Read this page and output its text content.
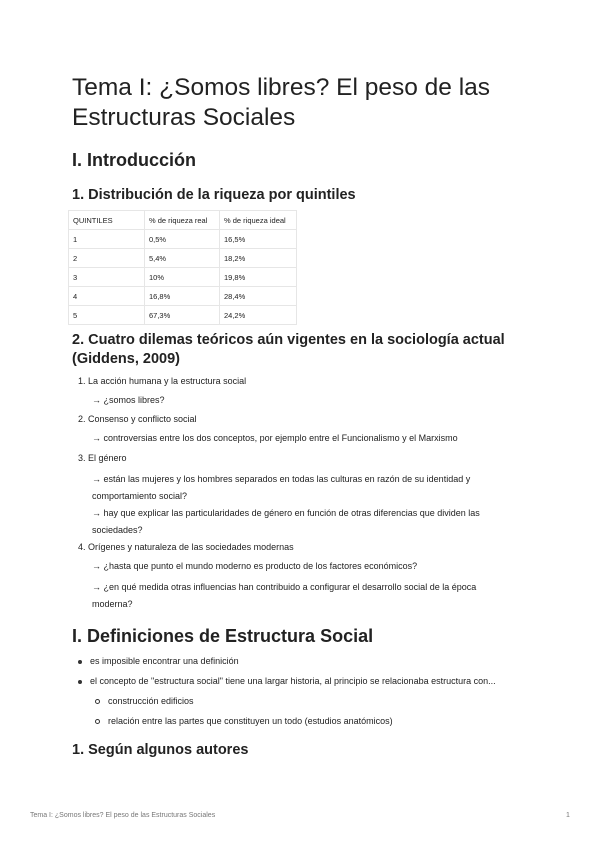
Tema I: ¿Somos libres? El peso de las Estructuras Sociales
I. Introducción
1. Distribución de la riqueza por quintiles
QUINTILES	% de riqueza real	% de riqueza ideal
1	0,5%	16,5%
2	5,4%	18,2%
3	10%	19,8%
4	16,8%	28,4%
5	67,3%	24,2%
2. Cuatro dilemas teóricos aún vigentes en la sociología actual (Giddens, 2009)
1. La acción humana y la estructura social
→ ¿somos libres?
2. Consenso y conflicto social
→ controversias entre los dos conceptos, por ejemplo entre el Funcionalismo y el Marxismo
3. El género
→ están las mujeres y los hombres separados en todas las culturas en razón de su identidad y comportamiento social?
→ hay que explicar las particularidades de género en función de otras diferencias que dividen las sociedades?
4. Orígenes y naturaleza de las sociedades modernas
→ ¿hasta que punto el mundo moderno es producto de los factores económicos?
→ ¿en qué medida otras influencias han contribuido a configurar el desarrollo social de la época moderna?
I. Definiciones de Estructura Social
es imposible encontrar una definición
el concepto de "estructura social" tiene una largar historia, al principio se relacionaba estructura con...
construcción edificios
relación entre las partes que constituyen un todo (estudios anatómicos)
1. Según algunos autores
Tema I: ¿Somos libres? El peso de las Estructuras Sociales	1
